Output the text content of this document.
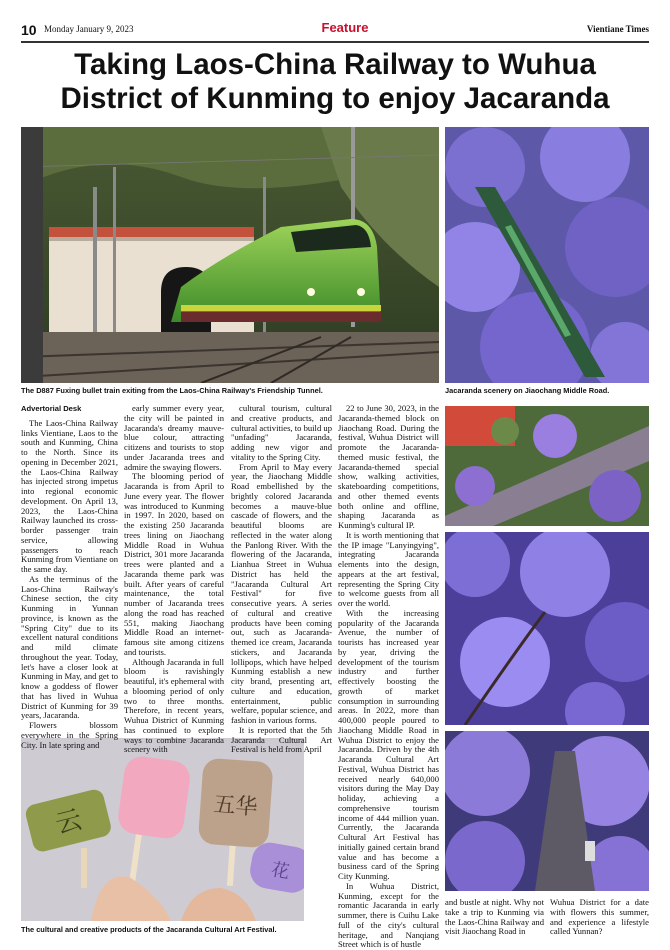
10 Monday January 9, 2023	Feature	Vientiane Times
Taking Laos-China Railway to Wuhua District of Kunming to enjoy Jacaranda
The D887 Fuxing bullet train exiting from the Laos-China Railway's Friendship Tunnel.	Jacaranda scenery on Jiaochang Middle Road.
云	五华
花
The cultural and creative products of the Jacaranda Cultural Art Festival.
Advertorial Desk

The Laos-China Railway links Vientiane, Laos to the south and Kunming, China to the North. Since its opening in December 2021, the Laos-China Railway has injected strong impetus into regional economic development. On April 13, 2023, the Laos-China Railway launched its cross-border passenger train service, allowing passengers to reach Kunming from Vientiane on the same day.

As the terminus of the Laos-China Railway's Chinese section, the city Kunming in Yunnan province, is known as the "Spring City" due to its excellent natural conditions and mild climate throughout the year. Today, let's have a closer look at Kunming in May, and get to know a goddess of flower that has lived in Wuhua District of Kunming for 39 years, Jacaranda.

Flowers blossom everywhere in the Spring City. In late spring and

early summer every year, the city will be painted in Jacaranda's dreamy mauve-blue colour, attracting citizens and tourists to stop under Jacaranda trees and admire the swaying flowers.

The blooming period of Jacaranda is from April to June every year. The flower was introduced to Kunming in 1997. In 2020, based on the existing 250 Jacaranda trees lining on Jiaochang Middle Road in Wuhua District, 301 more Jacaranda trees were planted and a Jacaranda theme park was built. After years of careful maintenance, the total number of Jacaranda trees along the road has reached 551, making Jiaochang Middle Road an internet-famous site among citizens and tourists.

Although Jacaranda in full bloom is ravishingly beautiful, it's ephemeral with a blooming period of only two to three months. Therefore, in recent years, Wuhua District of Kunming has continued to explore ways to combine Jacaranda scenery with

cultural tourism, cultural and creative products, and cultural activities, to build up "unfading" Jacaranda, adding new vigor and vitality to the Spring City.

From April to May every year, the Jiaochang Middle Road embellished by the brightly colored Jacaranda becomes a mauve-blue cascade of flowers, and the beautiful blooms are reflected in the water along the Panlong River. With the flowering of the Jacaranda, Lianhua Street in Wuhua District has held the "Jacaranda Cultural Art Festival" for five consecutive years. A series of cultural and creative products have been coming out, such as Jacaranda-themed ice cream, Jacaranda stickers, and Jacaranda lollipops, which have helped Kunming establish a new city brand, presenting art, culture and education, entertainment, public welfare, popular science, and fashion in various forms.

It is reported that the 5th Jacaranda Cultural Art Festival is held from April

22 to June 30, 2023, in the Jacaranda-themed block on Jiaochang Road. During the festival, Wuhua District will promote the Jacaranda-themed music festival, the Jacaranda-themed special show, walking activities, skateboarding competitions, and other themed events both online and offline, shaping Jacaranda as Kunming's cultural IP.

It is worth mentioning that the IP image "Lanyingying", integrating Jacaranda elements into the design, appears at the art festival, representing the Spring City to welcome guests from all over the world.

With the increasing popularity of the Jacaranda Avenue, the number of tourists has increased year by year, driving the development of the tourism industry and further effectively boosting the growth of market consumption in surrounding areas. In 2022, more than 400,000 people poured to Jiaochang Middle Road in Wuhua District to enjoy the Jacaranda. Driven by the 4th Jacaranda Cultural Art Festival, Wuhua District has received nearly 640,000 visitors during the May Day holiday, achieving a comprehensive tourism income of 444 million yuan. Currently, the Jacaranda Cultural Art Festival has initially gained certain brand value and has become a business card of the Spring City Kunming.

In Wuhua District, Kunming, except for the romantic Jacaranda in early summer, there is Cuihu Lake full of the city's cultural heritage, and Nanqiang Street which is of hustle

and bustle at night. Why not take a trip to Kunming via the Laos-China Railway and visit Jiaochang Road in

Wuhua District for a date with flowers this summer, and experience a lifestyle called Yunnan?
